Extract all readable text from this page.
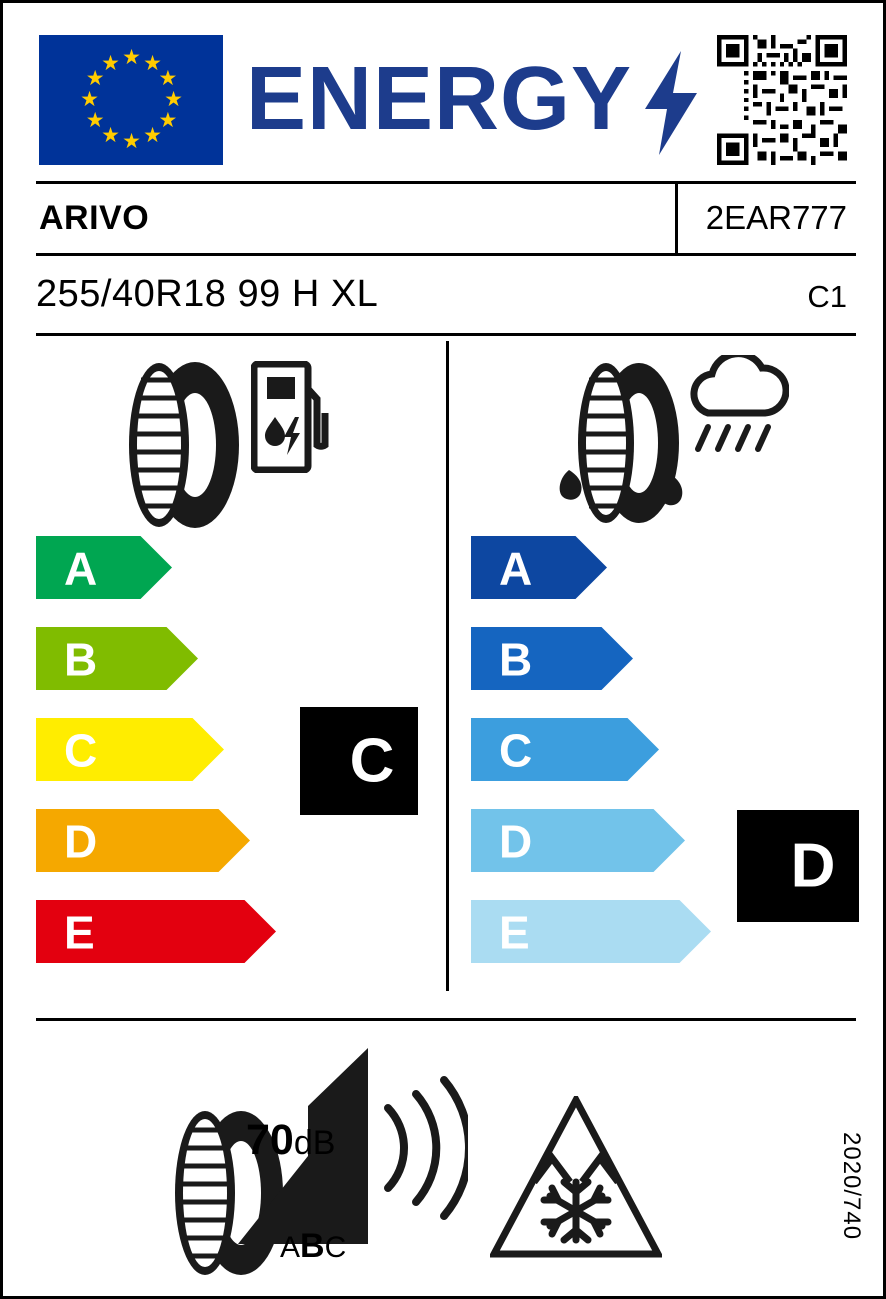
★ ★
★
★
★
★
★
★
★
★
★
★ ENERGY
ARIVO	2EAR777
255/40R18 99 H XL	C1
A
B
C
D
E
C
A
B
C
D
E
D
70dB
ABC
2020/740
